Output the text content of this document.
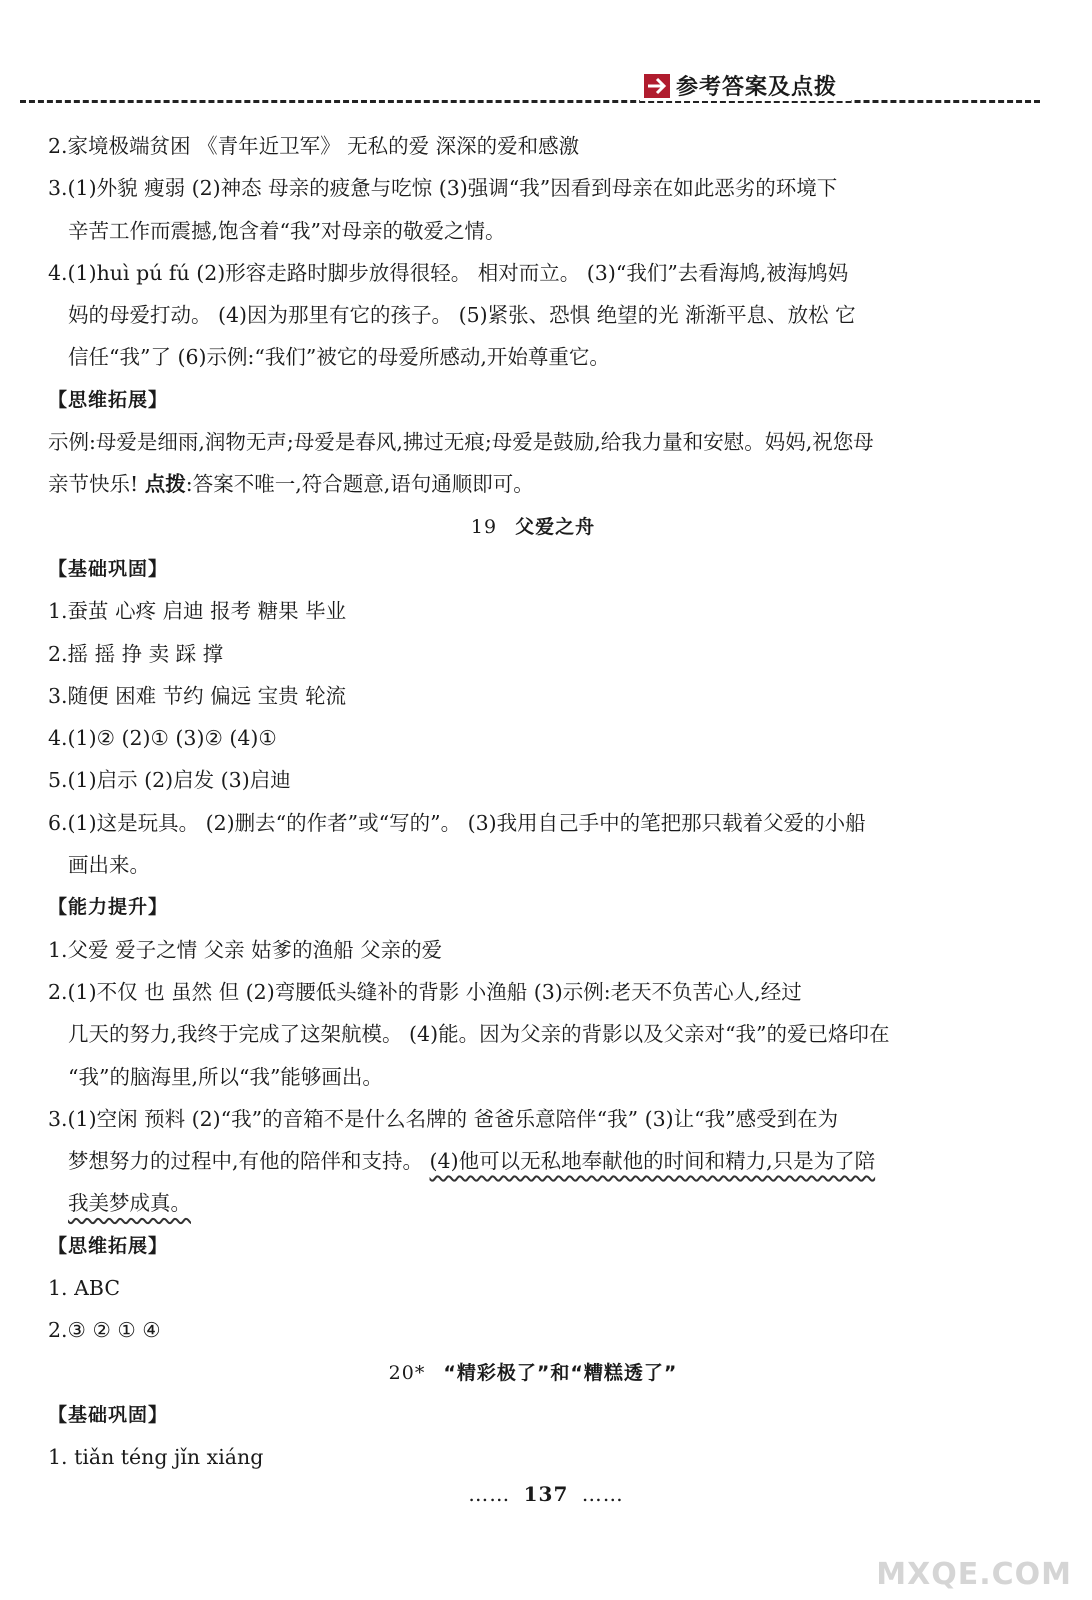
参考答案及点拨
2.家境极端贫困 《青年近卫军》 无私的爱 深深的爱和感激
3.(1)外貌 瘦弱 (2)神态 母亲的疲惫与吃惊 (3)强调“我”因看到母亲在如此恶劣的环境下
辛苦工作而震撼,饱含着“我”对母亲的敬爱之情。
4.(1)huì pú fú (2)形容走路时脚步放得很轻。 相对而立。 (3)“我们”去看海鸠,被海鸠妈
妈的母爱打动。 (4)因为那里有它的孩子。 (5)紧张、恐惧 绝望的光 渐渐平息、放松 它
信任“我”了 (6)示例:“我们”被它的母爱所感动,开始尊重它。
【思维拓展】
示例:母爱是细雨,润物无声;母爱是春风,拂过无痕;母爱是鼓励,给我力量和安慰。妈妈,祝您母
亲节快乐! 点拨:答案不唯一,符合题意,语句通顺即可。
19 父爱之舟
【基础巩固】
1.蚕茧 心疼 启迪 报考 糖果 毕业
2.摇 摇 挣 卖 踩 撑
3.随便 困难 节约 偏远 宝贵 轮流
4.(1)② (2)① (3)② (4)①
5.(1)启示 (2)启发 (3)启迪
6.(1)这是玩具。 (2)删去“的作者”或“写的”。 (3)我用自己手中的笔把那只载着父爱的小船
画出来。
【能力提升】
1.父爱 爱子之情 父亲 姑爹的渔船 父亲的爱
2.(1)不仅 也 虽然 但 (2)弯腰低头缝补的背影 小渔船 (3)示例:老天不负苦心人,经过
几天的努力,我终于完成了这架航模。 (4)能。因为父亲的背影以及父亲对“我”的爱已烙印在
“我”的脑海里,所以“我”能够画出。
3.(1)空闲 预料 (2)“我”的音箱不是什么名牌的 爸爸乐意陪伴“我” (3)让“我”感受到在为
梦想努力的过程中,有他的陪伴和支持。 (4)他可以无私地奉献他的时间和精力,只是为了陪
我美梦成真。
【思维拓展】
1. ABC
2.③ ② ① ④
20* “精彩极了”和“糟糕透了”
【基础巩固】
1. tiǎn téng jǐn xiáng
…… 137 ……
MXQE.COM
